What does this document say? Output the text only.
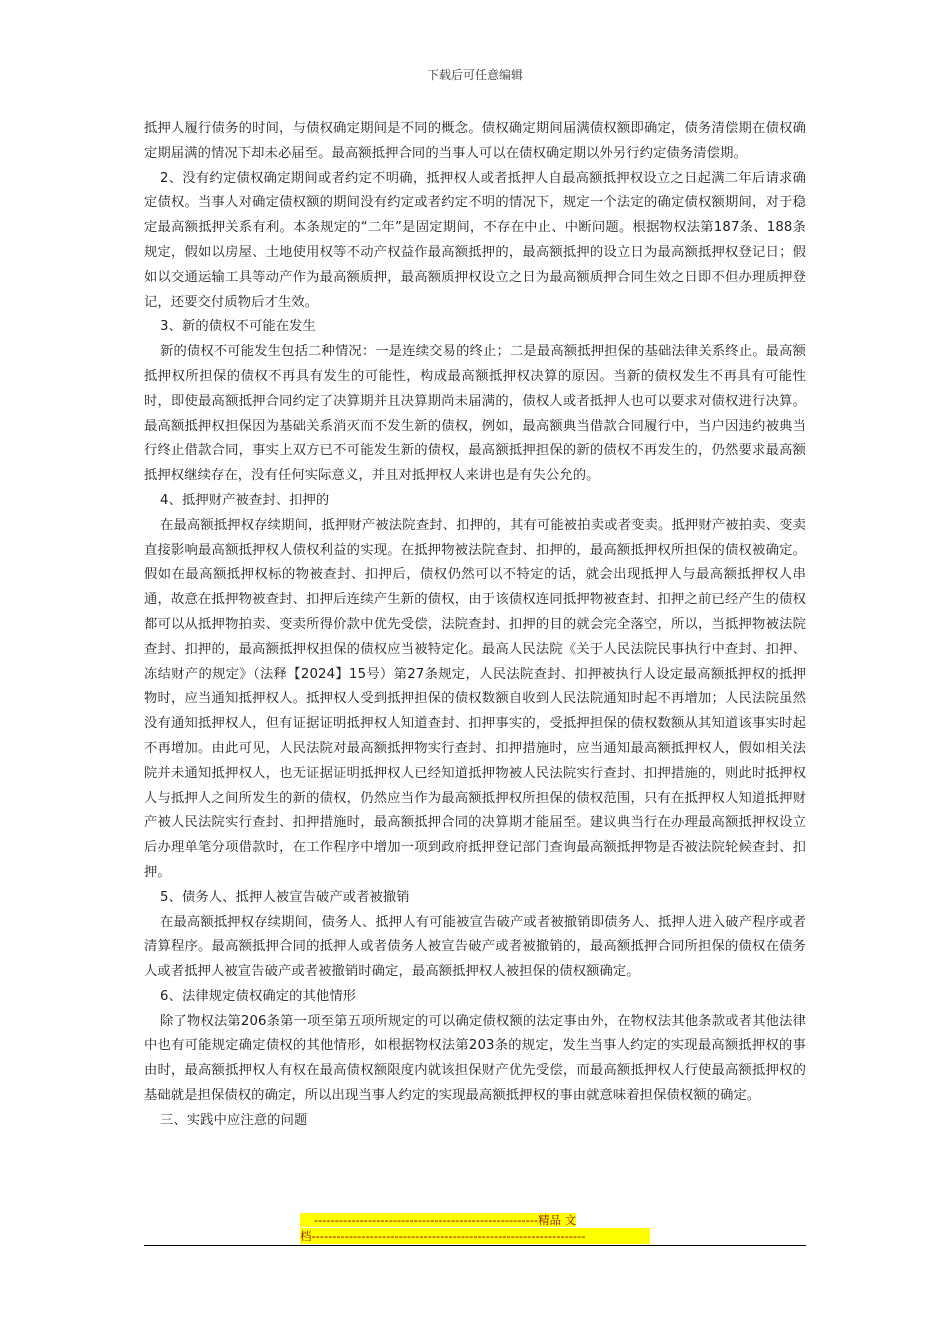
下载后可任意编辑

抵押人履行债务的时间，与债权确定期间是不同的概念。债权确定期间届满债权额即确定，债务清偿期在债权确定期届满的情况下却未必届至。最高额抵押合同的当事人可以在债权确定期以外另行约定债务清偿期。

2、没有约定债权确定期间或者约定不明确，抵押权人或者抵押人自最高额抵押权设立之日起满二年后请求确定债权。当事人对确定债权额的期间没有约定或者约定不明的情况下，规定一个法定的确定债权额期间，对于稳定最高额抵押关系有利。本条规定的“二年”是固定期间，不存在中止、中断问题。根据物权法第187条、188条规定，假如以房屋、土地使用权等不动产权益作最高额抵押的，最高额抵押的设立日为最高额抵押权登记日；假如以交通运输工具等动产作为最高额质押，最高额质押权设立之日为最高额质押合同生效之日即不但办理质押登记，还要交付质物后才生效。

3、新的债权不可能在发生

新的债权不可能发生包括二种情况：一是连续交易的终止；二是最高额抵押担保的基础法律关系终止。最高额抵押权所担保的债权不再具有发生的可能性，构成最高额抵押权决算的原因。当新的债权发生不再具有可能性时，即使最高额抵押合同约定了决算期并且决算期尚未届满的，债权人或者抵押人也可以要求对债权进行决算。最高额抵押权担保因为基础关系消灭而不发生新的债权，例如，最高额典当借款合同履行中，当户因违约被典当行终止借款合同，事实上双方已不可能发生新的债权，最高额抵押担保的新的债权不再发生的，仍然要求最高额抵押权继续存在，没有任何实际意义，并且对抵押权人来讲也是有失公允的。

4、抵押财产被查封、扣押的

在最高额抵押权存续期间，抵押财产被法院查封、扣押的，其有可能被拍卖或者变卖。抵押财产被拍卖、变卖直接影响最高额抵押权人债权利益的实现。在抵押物被法院查封、扣押的，最高额抵押权所担保的债权被确定。假如在最高额抵押权标的物被查封、扣押后，债权仍然可以不特定的话，就会出现抵押人与最高额抵押权人串通，故意在抵押物被查封、扣押后连续产生新的债权，由于该债权连同抵押物被查封、扣押之前已经产生的债权都可以从抵押物拍卖、变卖所得价款中优先受偿，法院查封、扣押的目的就会完全落空，所以，当抵押物被法院查封、扣押的，最高额抵押权担保的债权应当被特定化。最高人民法院《关于人民法院民事执行中查封、扣押、冻结财产的规定》（法释【2024】15号）第27条规定，人民法院查封、扣押被执行人设定最高额抵押权的抵押物时，应当通知抵押权人。抵押权人受到抵押担保的债权数额自收到人民法院通知时起不再增加；人民法院虽然没有通知抵押权人，但有证据证明抵押权人知道查封、扣押事实的，受抵押担保的债权数额从其知道该事实时起不再增加。由此可见，人民法院对最高额抵押物实行查封、扣押措施时，应当通知最高额抵押权人，假如相关法院并未通知抵押权人，也无证据证明抵押权人已经知道抵押物被人民法院实行查封、扣押措施的，则此时抵押权人与抵押人之间所发生的新的债权，仍然应当作为最高额抵押权所担保的债权范围，只有在抵押权人知道抵押财产被人民法院实行查封、扣押措施时，最高额抵押合同的决算期才能届至。建议典当行在办理最高额抵押权设立后办理单笔分项借款时，在工作程序中增加一项到政府抵押登记部门查询最高额抵押物是否被法院轮候查封、扣押。

5、债务人、抵押人被宣告破产或者被撤销

在最高额抵押权存续期间，债务人、抵押人有可能被宣告破产或者被撤销即债务人、抵押人进入破产程序或者清算程序。最高额抵押合同的抵押人或者债务人被宣告破产或者被撤销的，最高额抵押合同所担保的债权在债务人或者抵押人被宣告破产或者被撤销时确定，最高额抵押权人被担保的债权额确定。

6、法律规定债权确定的其他情形

除了物权法第206条第一项至第五项所规定的可以确定债权额的法定事由外，在物权法其他条款或者其他法律中也有可能规定确定债权的其他情形，如根据物权法第203条的规定，发生当事人约定的实现最高额抵押权的事由时，最高额抵押权人有权在最高债权额限度内就该担保财产优先受偿，而最高额抵押权人行使最高额抵押权的基础就是担保债权的确定，所以出现当事人约定的实现最高额抵押权的事由就意味着担保债权额的确定。

三、实践中应注意的问题

------------------------------------------------------精品 文
档------------------------------------------------------------------
